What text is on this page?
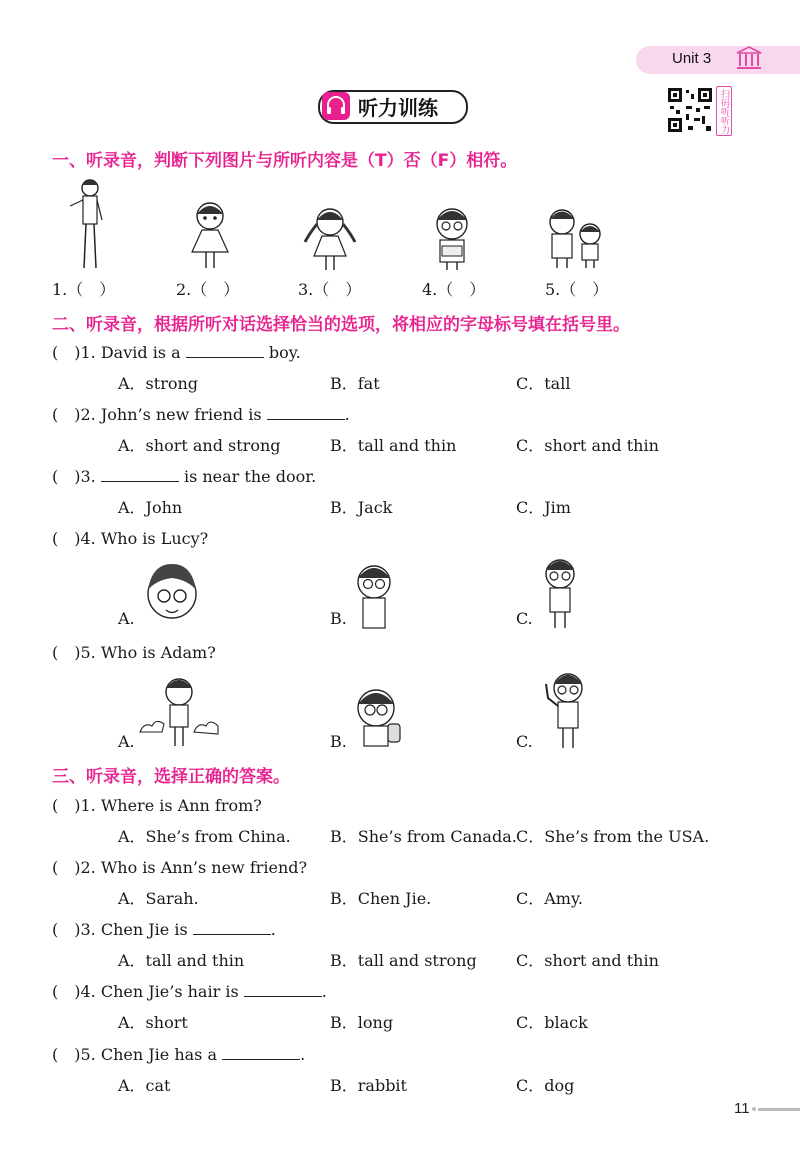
Unit 3
听力训练	扫码听听力
一、听录音，判断下列图片与所听内容是（T）否（F）相符。
1.（　）	2.（　）	3.（　）	4.（　）	5.（　）
二、听录音，根据所听对话选择恰当的选项，将相应的字母标号填在括号里。
(　)1. David is a	boy.
A．strong	B．fat	C．tall
(　)2. John’s new friend is	.
A．short and strong	B．tall and thin	C．short and thin
(　)3.	is near the door.
A．John	B．Jack	C．Jim
(　)4. Who is Lucy?
A.	B.	C.
(　)5. Who is Adam?
A.	B.	C.
三、听录音，选择正确的答案。
(　)1. Where is Ann from?
A．She’s from China. B．She’s from Canada. C．She’s from the USA.
(　)2. Who is Ann’s new friend?
A．Sarah.	B．Chen Jie.	C．Amy.
(　)3. Chen Jie is	.
A．tall and thin	B．tall and strong C．short and thin
(　)4. Chen Jie’s hair is	.
A．short	B．long	C．black
(　)5. Chen Jie has a	.
A．cat	B．rabbit	C．dog
11
